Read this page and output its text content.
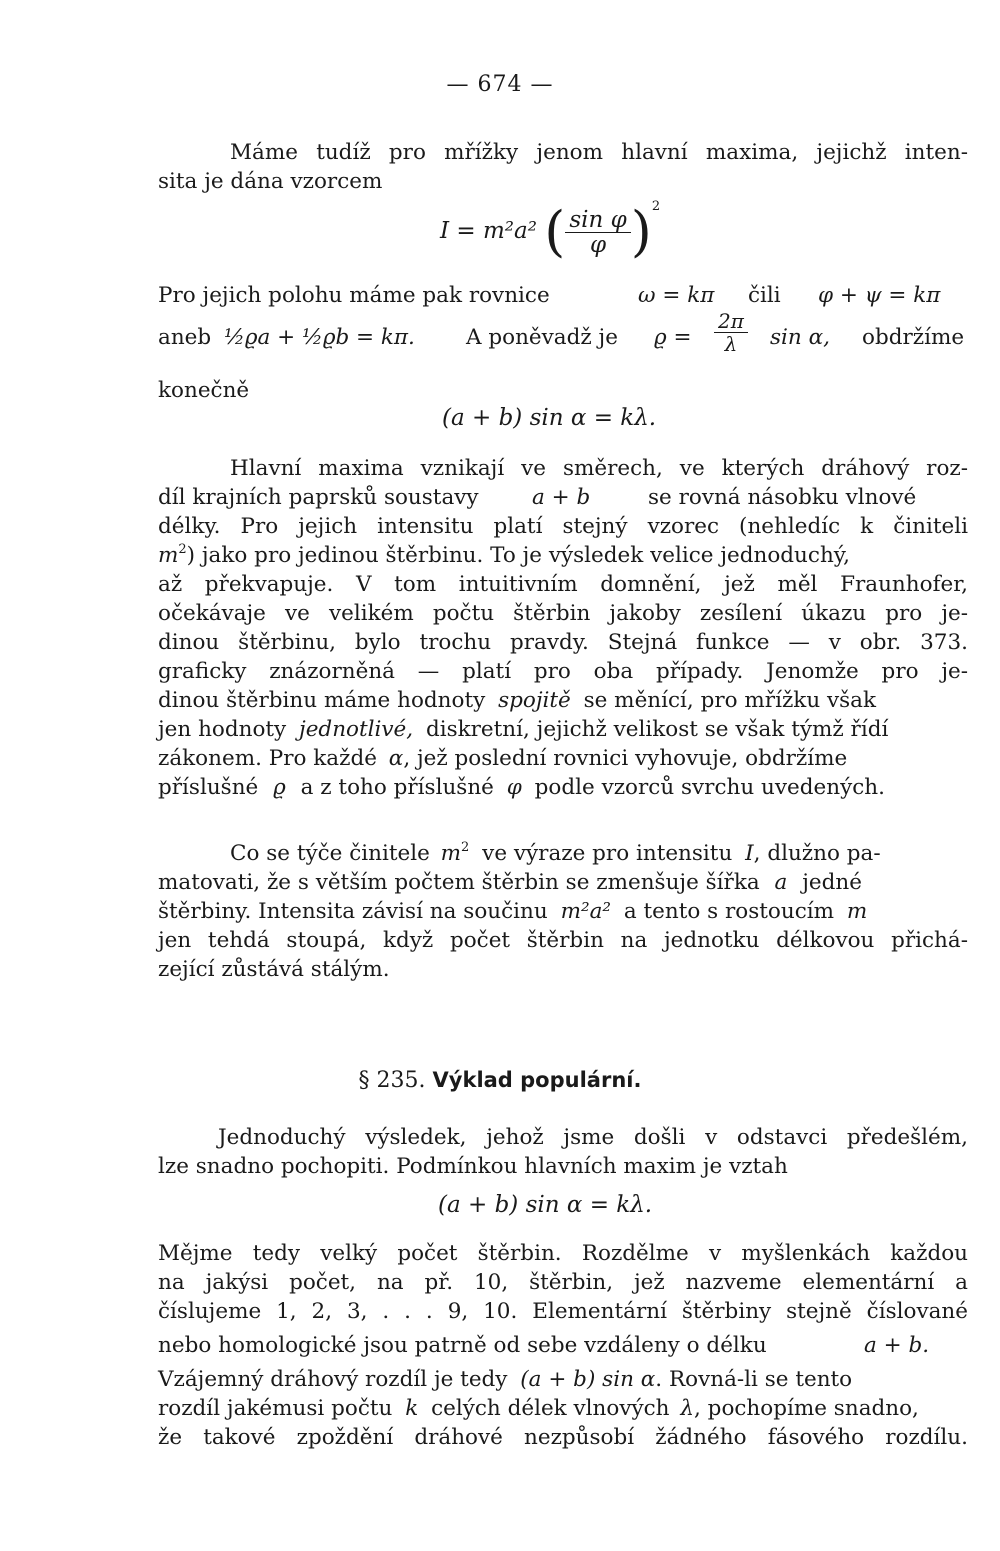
— 674 —
Máme tudíž pro mřížky jenom hlavní maxima, jejichž inten-
sita je dána vzorcem
I = m²a² ( $\frac{\text{sin φ}}{\varphi} )^2$
Pro jejich polohu máme pak rovnice	ω = kπ čili φ + ψ = kπ
aneb ½ϱa + ½ϱb = kπ. A poněvadž je $ϱ = \frac{2\pi}{\lambda}$ sin α, obdržíme
konečně
(a + b) sin α = kλ.
Hlavní maxima vznikají ve směrech, ve kterých dráhový roz-
díl krajních paprsků soustavy a + b	se rovná násobku vlnové
délky. Pro jejich intensitu platí stejný vzorec (nehledíc k činiteli
$m^2$) jako pro jedinou štěrbinu. To je výsledek velice jednoduchý,
až překvapuje. V tom intuitivním domnění, jež měl Fraunhofer,
očekávaje ve velikém počtu štěrbin jakoby zesílení úkazu pro je-
dinou štěrbinu, bylo trochu pravdy. Stejná funkce — v obr. 373.
graficky znázorněná — platí pro oba případy. Jenomže pro je-
dinou štěrbinu máme hodnoty spojitě se měnící, pro mřížku však
jen hodnoty jednotlivé, diskretní, jejichž velikost se však týmž řídí
zákonem. Pro každé α, jež poslední rovnici vyhovuje, obdržíme
příslušné ϱ a z toho příslušné φ podle vzorců svrchu uvedených.
Co se týče činitele $m^2$ ve výraze pro intensitu I, dlužno pa-
matovati, že s větším počtem štěrbin se zmenšuje šířka a jedné
štěrbiny. Intensita závisí na součinu m²a² a tento s rostoucím m
jen tehdá stoupá, když počet štěrbin na jednotku délkovou přichá-
zející zůstává stálým.
§ 235. Výklad populární.
Jednoduchý výsledek, jehož jsme došli v odstavci předešlém,
lze snadno pochopiti. Podmínkou hlavních maxim je vztah
(a + b) sin α = kλ.
Mějme tedy velký počet štěrbin. Rozdělme v myšlenkách každou
na jakýsi počet, na př. 10, štěrbin, jež nazveme elementární a
číslujeme 1, 2, 3, . . . 9, 10. Elementární štěrbiny stejně číslované
nebo homologické jsou patrně od sebe vzdáleny o délku	a + b.
Vzájemný dráhový rozdíl je tedy (a + b) sin α. Rovná-li se tento
rozdíl jakémusi počtu k celých délek vlnových λ, pochopíme snadno,
že takové zpoždění dráhové nezpůsobí žádného fásového rozdílu.
